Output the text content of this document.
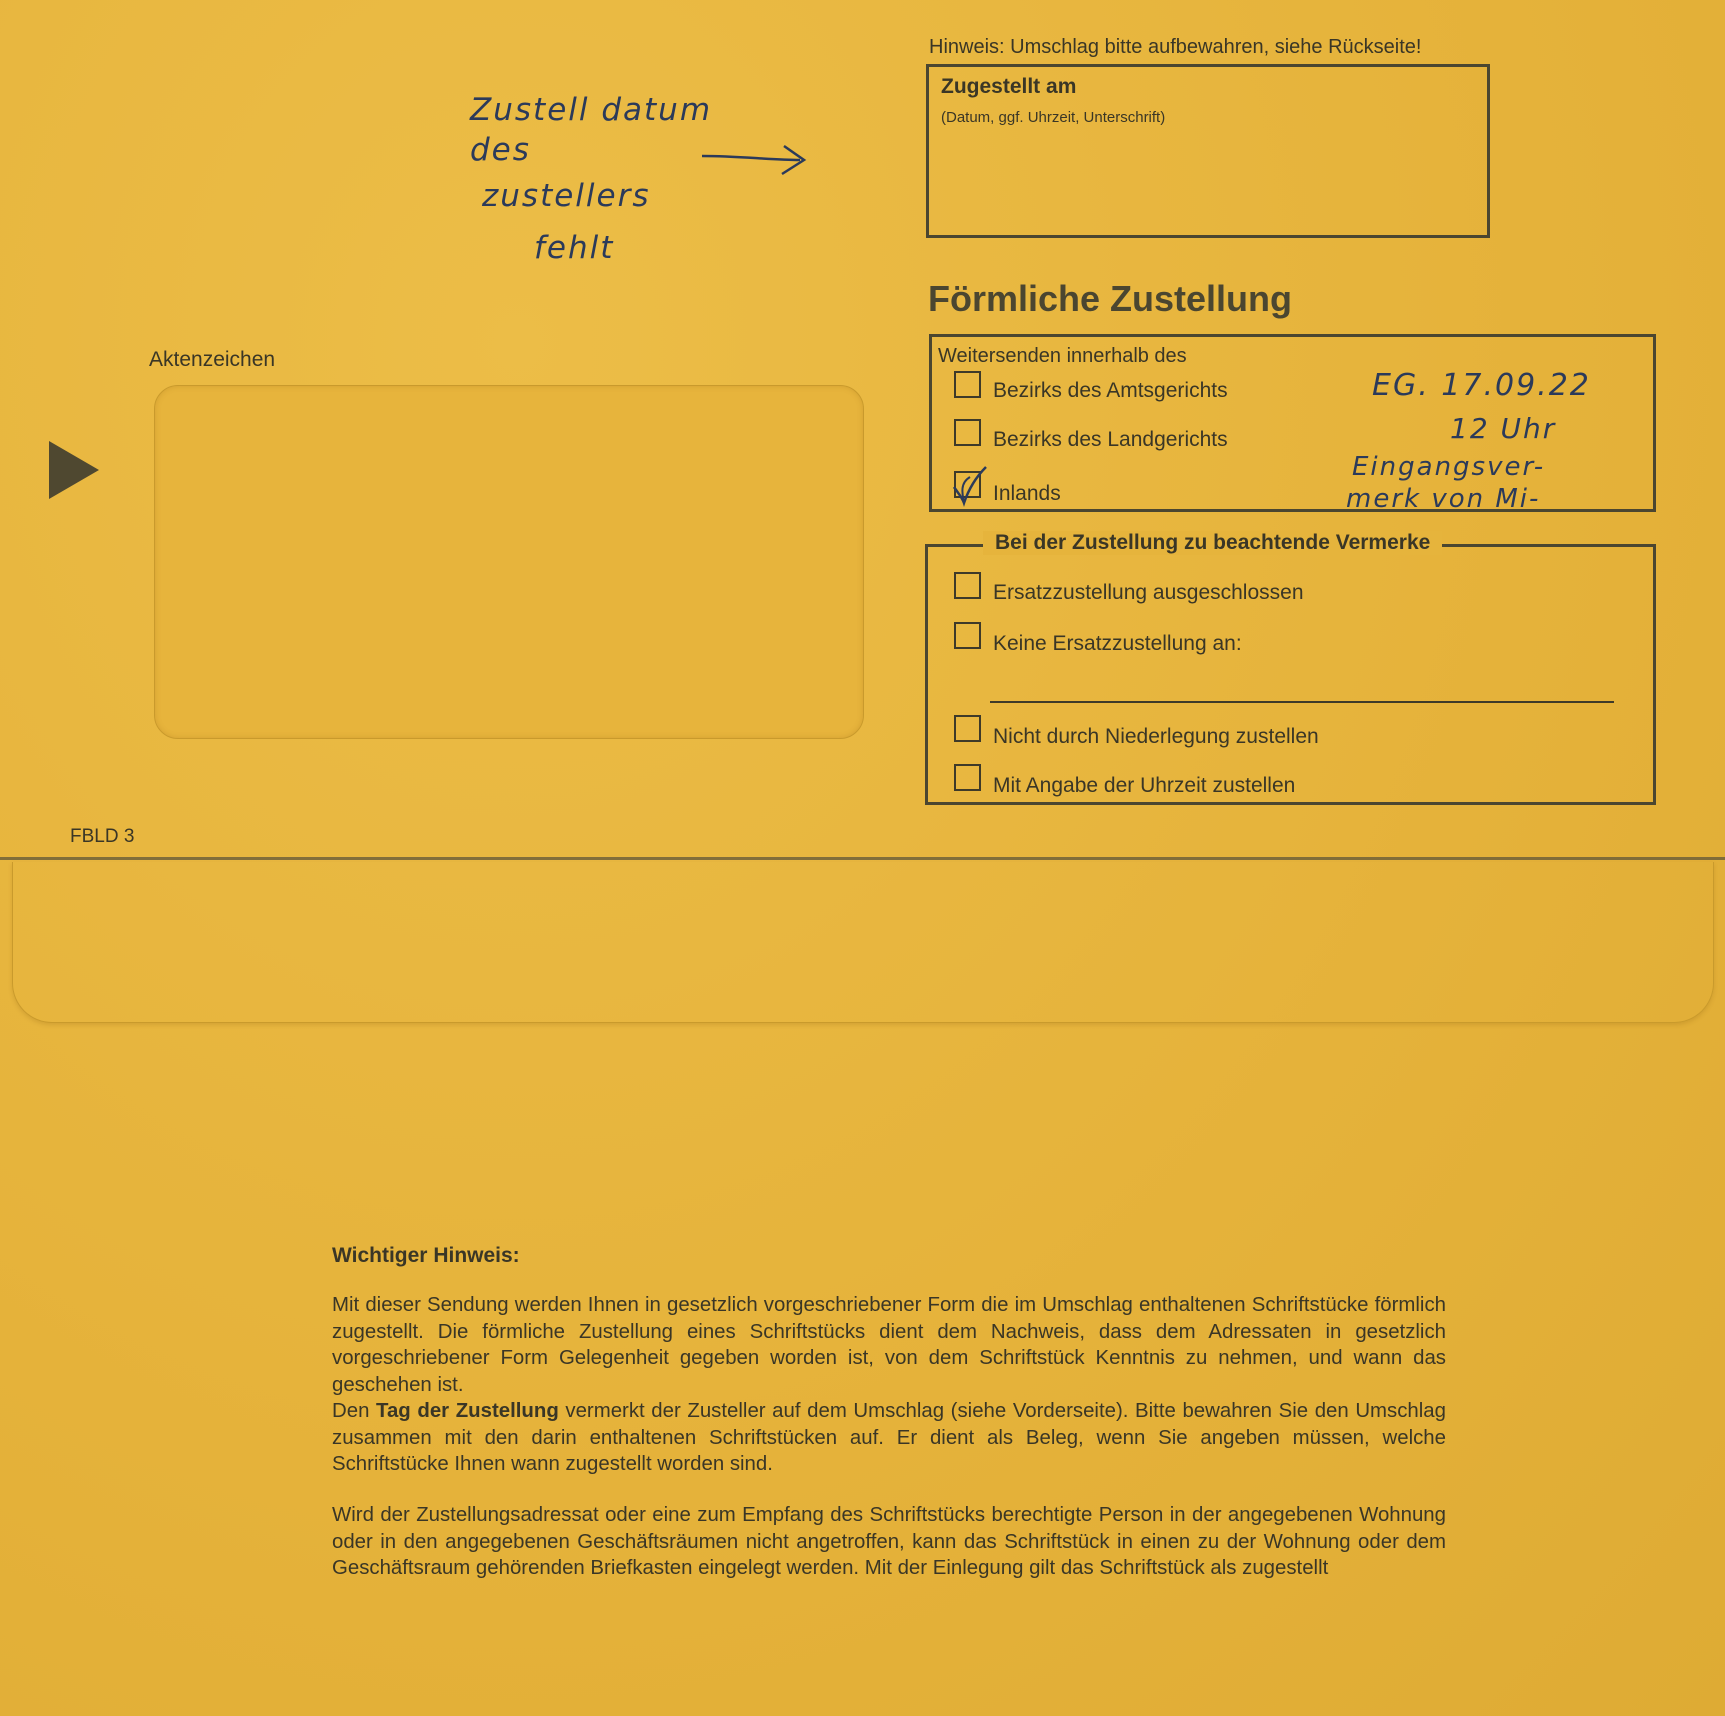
Hinweis: Umschlag bitte aufbewahren, siehe Rückseite!
Zugestellt am
(Datum, ggf. Uhrzeit, Unterschrift)
Förmliche Zustellung
Weitersenden innerhalb des
Bezirks des Amtsgerichts
Bezirks des Landgerichts
Inlands
Bei der Zustellung zu beachtende Vermerke
Ersatzzustellung ausgeschlossen
Keine Ersatzzustellung an:
Nicht durch Niederlegung zustellen
Mit Angabe der Uhrzeit zustellen
Aktenzeichen
FBLD 3
Zustell datum
des
zustellers
fehlt
EG. 17.09.22
12 Uhr
Eingangsver-
merk von Mi-
Wichtiger Hinweis:
Mit dieser Sendung werden Ihnen in gesetzlich vorgeschriebener Form die im Umschlag enthaltenen Schriftstücke förmlich zugestellt. Die förmliche Zustellung eines Schriftstücks dient dem Nachweis, dass dem Adressaten in gesetzlich vorgeschriebener Form Gelegenheit gegeben worden ist, von dem Schriftstück Kenntnis zu nehmen, und wann das geschehen ist.
Den Tag der Zustellung vermerkt der Zusteller auf dem Umschlag (siehe Vorderseite). Bitte bewahren Sie den Umschlag zusammen mit den darin enthaltenen Schriftstücken auf. Er dient als Beleg, wenn Sie angeben müssen, welche Schriftstücke Ihnen wann zugestellt worden sind.
Wird der Zustellungsadressat oder eine zum Empfang des Schriftstücks berechtigte Person in der angegebenen Wohnung oder in den angegebenen Geschäftsräumen nicht angetroffen, kann das Schriftstück in einen zu der Wohnung oder dem Geschäftsraum gehörenden Briefkasten eingelegt werden. Mit der Einlegung gilt das Schriftstück als zugestellt
